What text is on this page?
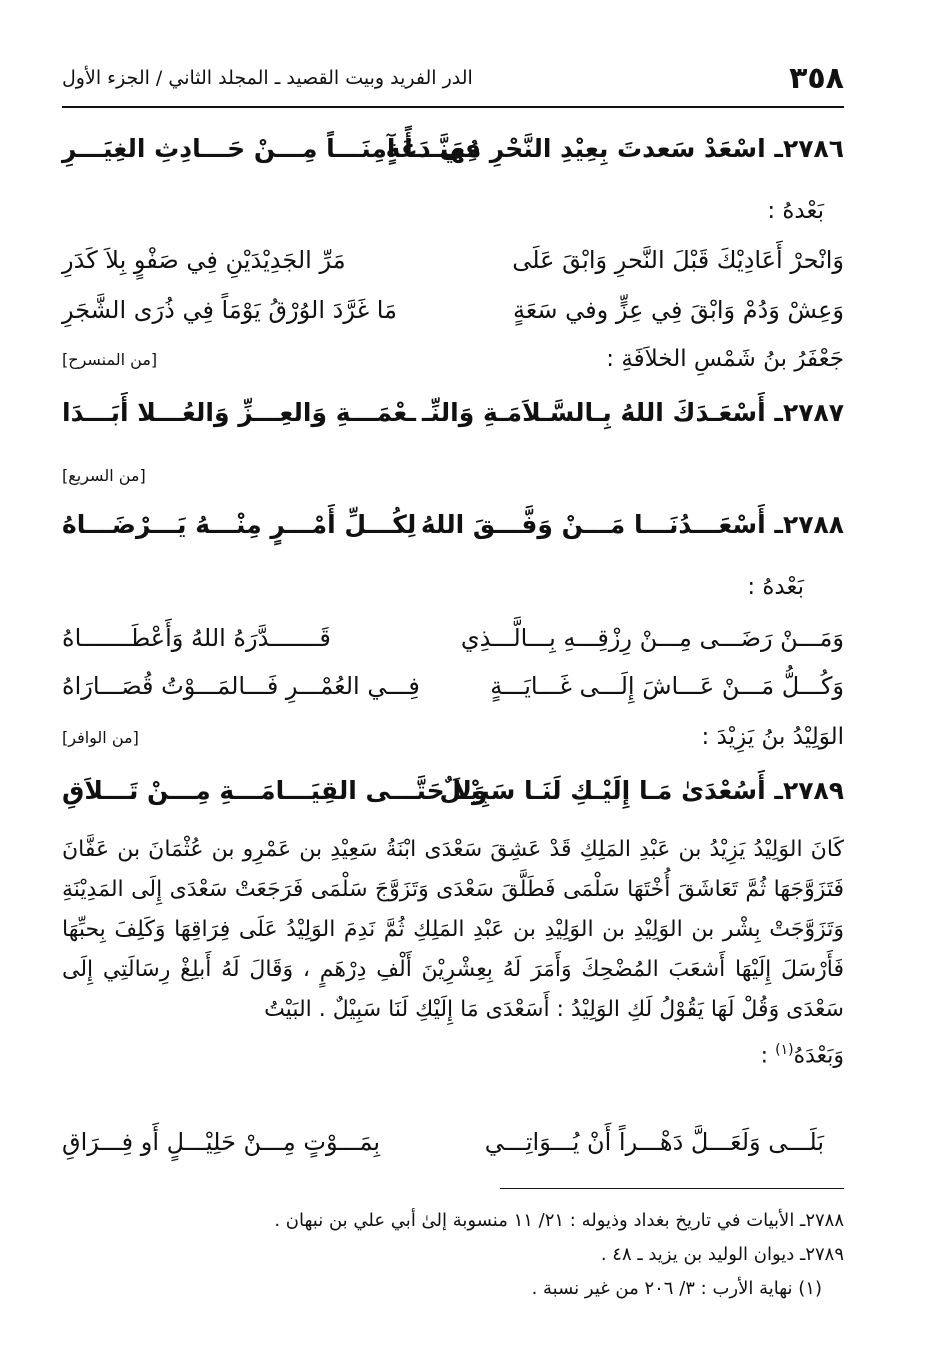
٣٥٨
الدر الفريد وبيت القصيد ـ المجلد الثاني / الجزء الأول
٢٧٨٦ـ اسْعَدْ سَعدتَ بِعِيْدِ النَّحْرِ فِي دَعَةٍ
مُهَنَّـــأً آمِنَـــاً مِـــنْ حَـــادِثِ الغِيَـــرِ
بَعْدهُ :
وَانْحرْ أَعَادِيْكَ قَبْلَ النَّحرِ وَابْقَ عَلَى
مَرِّ الجَدِيْدَيْنِ فِي صَفْوٍ بِلاَ كَدَرِ
وَعِشْ وَدُمْ وَابْقَ فِي عِزٍّ وفي سَعَةٍ
مَا غَرَّدَ الوُرْقُ يَوْمَاً فِي ذُرَى الشَّجَرِ
جَعْفَرُ بنُ شَمْسِ الخلاَفَةِ :
[من المنسرح]
٢٧٨٧ـ أَسْعَـدَكَ اللهُ بِـالسَّـلاَمَـةِ وَالنِّـ
ـعْمَـــةِ وَالعِـــزِّ وَالعُـــلا أَبَـــدَا
[من السريع]
٢٧٨٨ـ أَسْعَـــدُنَـــا مَـــنْ وَفَّـــقَ اللهُ
لِكُـــلِّ أَمْـــرٍ مِنْـــهُ يَـــرْضَـــاهُ
بَعْدهُ :
وَمَـــنْ رَضَـــى مِـــنْ رِزْقِـــهِ بِـــالَّـــذِي
قَـــــــدَّرَهُ اللهُ وَأَعْطَـــــــاهُ
وَكُـــلُّ مَـــنْ عَـــاشَ إِلَـــى غَـــايَـــةٍ
فِـــي العُمْـــرِ فَـــالمَـــوْتُ قُصَـــارَاهُ
الوَلِيْدُ بنُ يَزِيْدَ :
[من الوافر]
٢٧٨٩ـ أَسُعْدَىٰ مَـا إِلَيْـكِ لَنَـا سَبِيْـلٌ
وَلاَ حَتَّـــى القِيَـــامَـــةِ مِـــنْ تَـــلاَقِ

كَانَ الوَلِيْدُ يَزِيْدُ بن عَبْدِ المَلِكِ قَدْ عَشِقَ سَعْدَى ابْنَةُ سَعِيْدِ بن عَمْرِو بن عُثْمَانَ بن عَفَّانَ فَتَزَوَّجَهَا ثُمَّ تَعَاشَقَ أُخْتَهَا سَلْمَى فَطَلَّقَ سَعْدَى وَتَزَوَّجَ سَلْمَى فَرَجَعَتْ سَعْدَى إِلَى المَدِيْنَةِ وَتَزَوَّجَتْ بِشْر بن الوَلِيْدِ بن الوَلِيْدِ بن عَبْدِ المَلِكِ ثُمَّ نَدِمَ الوَلِيْدُ عَلَى فِرَاقِهَا وَكَلِفَ بِحبِّهَا فَأَرْسَلَ إِلَيْهَا أَشعَبَ المُضْحِكَ وَأَمَرَ لَهُ بِعِشْرِيْنَ أَلْفِ دِرْهَمٍ ، وَقَالَ لَهُ أَبلِغْ رِسَالَتِي إِلَى سَعْدَى وَقُلْ لَهَا يَقُوْلُ لَكِ الوَلِيْدُ : أَسَعْدَى مَا إِلَيْكِ لَنَا سَبِيْلٌ . البَيْتُ

وَبَعْدَهُ$^{(١)}$ :

بَلَـــى وَلَعَـــلَّ دَهْـــراً أَنْ يُـــوَاتِـــي
بِمَـــوْتٍ مِـــنْ حَلِيْـــلٍ أَو فِـــرَاقِ
٢٧٨٨ـ الأبيات في تاريخ بغداد وذيوله : ٢١/ ١١ منسوبة إلىٰ أبي علي بن نبهان .
٢٧٨٩ـ ديوان الوليد بن يزيد ـ ٤٨ .
(١) نهاية الأرب : ٣/ ٢٠٦ من غير نسبة .
